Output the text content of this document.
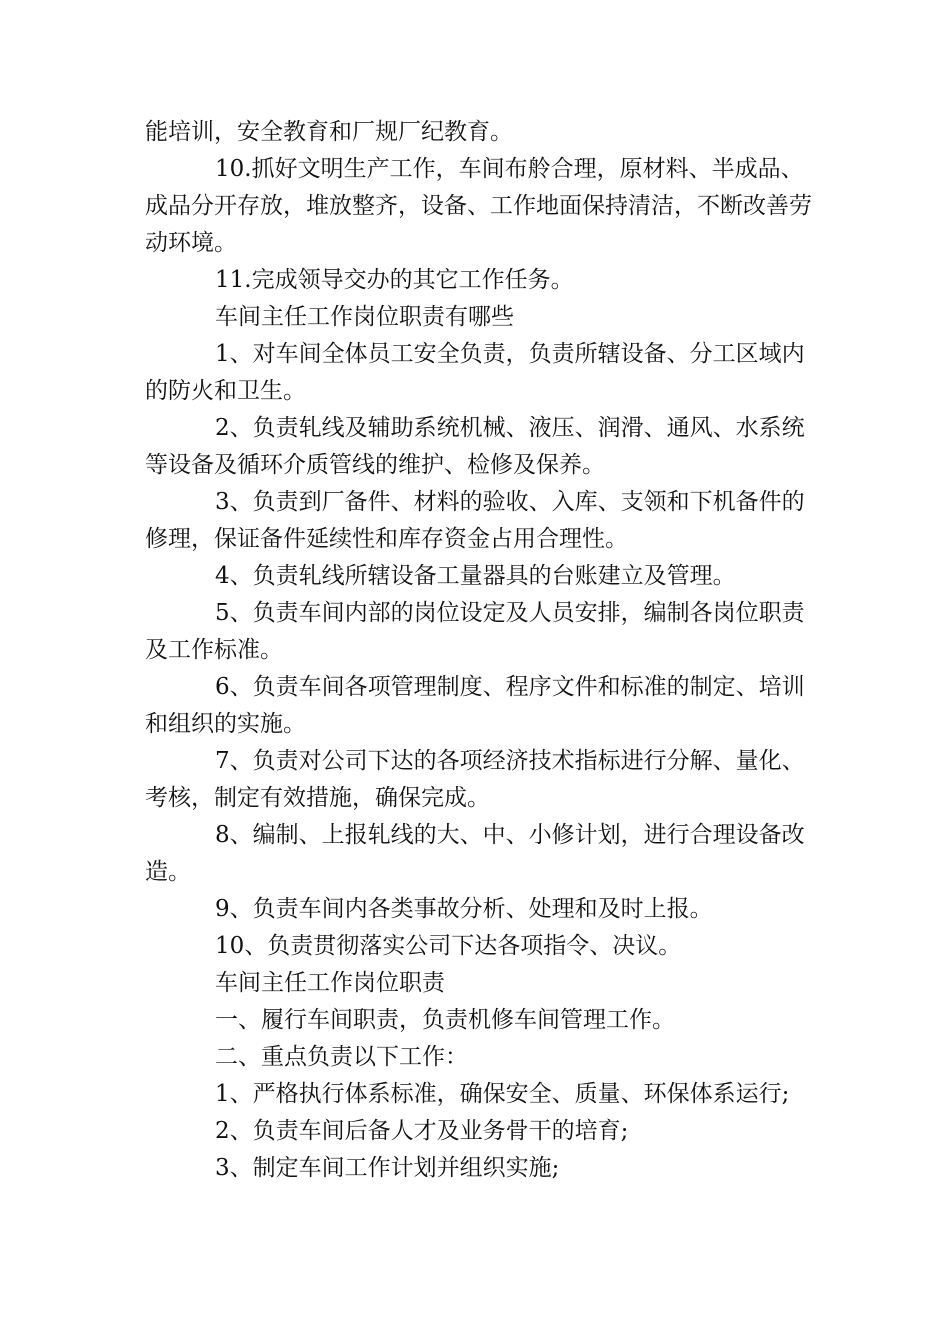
能培训，安全教育和厂规厂纪教育。

10.抓好文明生产工作，车间布舲合理，原材料、半成品、成品分开存放，堆放整齐，设备、工作地面保持清洁，不断改善劳动环境。

11.完成领导交办的其它工作任务。

车间主任工作岗位职责有哪些

1、对车间全体员工安全负责，负责所辖设备、分工区域内的防火和卫生。

2、负责轧线及辅助系统机械、液压、润滑、通风、水系统等设备及循环介质管线的维护、检修及保养。

3、负责到厂备件、材料的验收、入库、支领和下机备件的修理，保证备件延续性和库存资金占用合理性。

4、负责轧线所辖设备工量器具的台账建立及管理。

5、负责车间内部的岗位设定及人员安排，编制各岗位职责及工作标准。

6、负责车间各项管理制度、程序文件和标准的制定、培训和组织的实施。

7、负责对公司下达的各项经济技术指标进行分解、量化、考核，制定有效措施，确保完成。

8、编制、上报轧线的大、中、小修计划，进行合理设备改造。

9、负责车间内各类事故分析、处理和及时上报。

10、负责贯彻落实公司下达各项指令、决议。

车间主任工作岗位职责

一、履行车间职责，负责机修车间管理工作。

二、重点负责以下工作：

1、严格执行体系标准，确保安全、质量、环保体系运行;

2、负责车间后备人才及业务骨干的培育;

3、制定车间工作计划并组织实施;
